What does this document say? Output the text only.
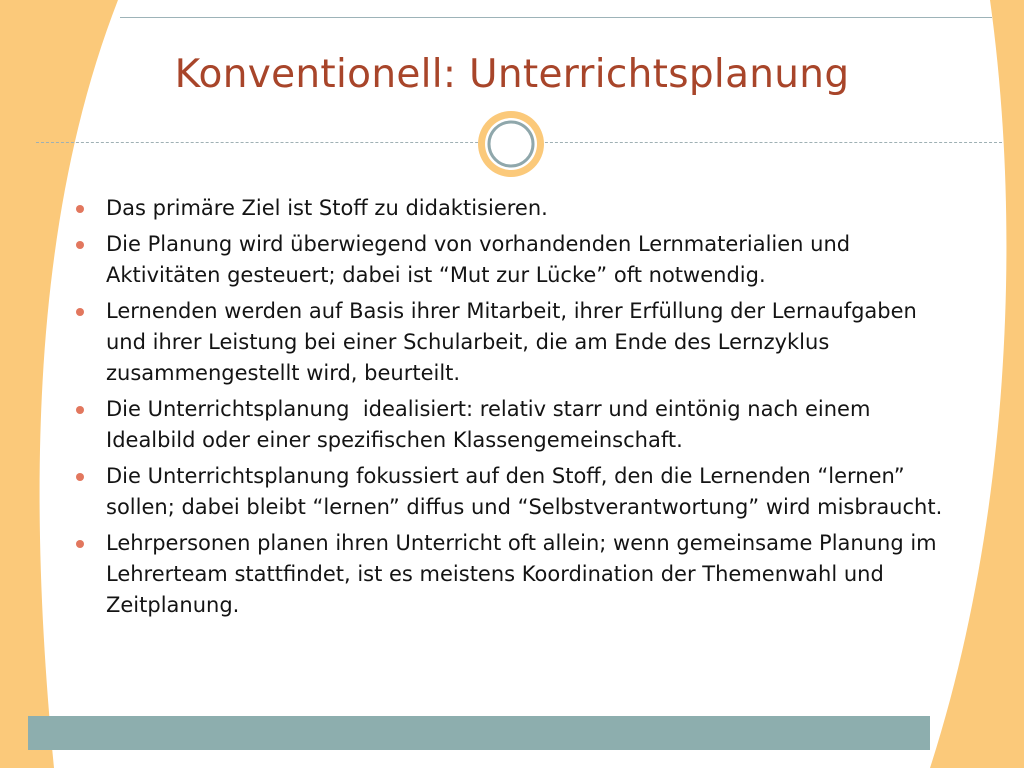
Konventionell: Unterrichtsplanung
Das primäre Ziel ist Stoff zu didaktisieren.
Die Planung wird überwiegend von vorhandenden Lernmaterialien und Aktivitäten gesteuert; dabei ist “Mut zur Lücke” oft notwendig.
Lernenden werden auf Basis ihrer Mitarbeit, ihrer Erfüllung der Lernaufgaben und ihrer Leistung bei einer Schularbeit, die am Ende des Lernzyklus zusammengestellt wird, beurteilt.
Die Unterrichtsplanung  idealisiert: relativ starr und eintönig nach einem Idealbild oder einer spezifischen Klassengemeinschaft.
Die Unterrichtsplanung fokussiert auf den Stoff, den die Lernenden “lernen” sollen; dabei bleibt “lernen” diffus und “Selbstverantwortung” wird misbraucht.
Lehrpersonen planen ihren Unterricht oft allein; wenn gemeinsame Planung im Lehrerteam stattfindet, ist es meistens Koordination der Themenwahl und Zeitplanung.
